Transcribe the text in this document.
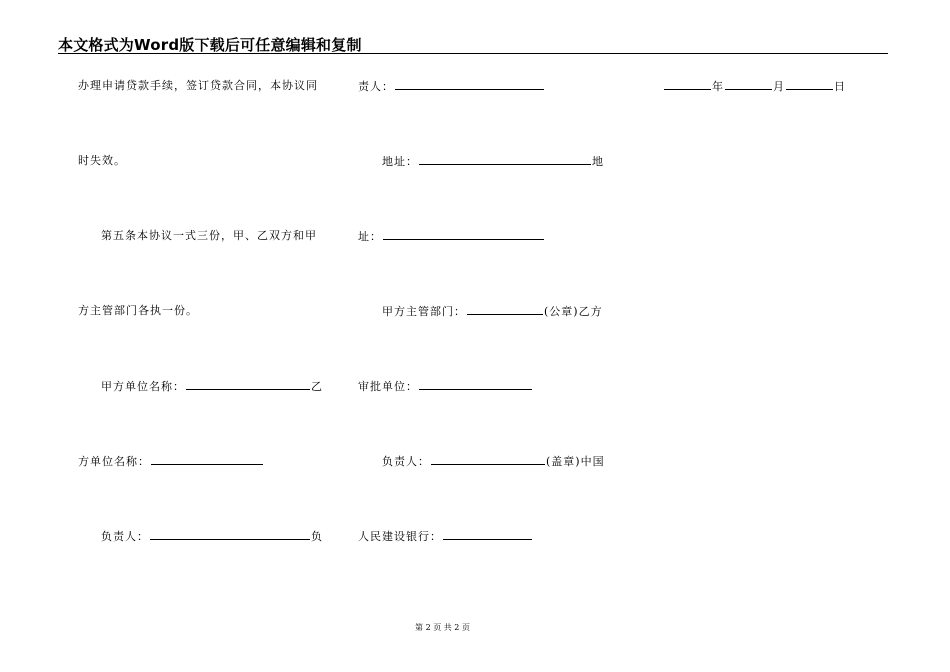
本文格式为Word版下载后可任意编辑和复制
办理申请贷款手续，签订贷款合同，本协议同
时失效。
第五条本协议一式三份，甲、乙双方和甲
方主管部门各执一份。
甲方单位名称：	乙
方单位名称：
负责人：	负
责人：
地址：	地
址：
甲方主管部门：	(公章)乙方
审批单位：
负责人：	(盖章)中国
人民建设银行：
年	月	日
第 2 页 共 2 页
